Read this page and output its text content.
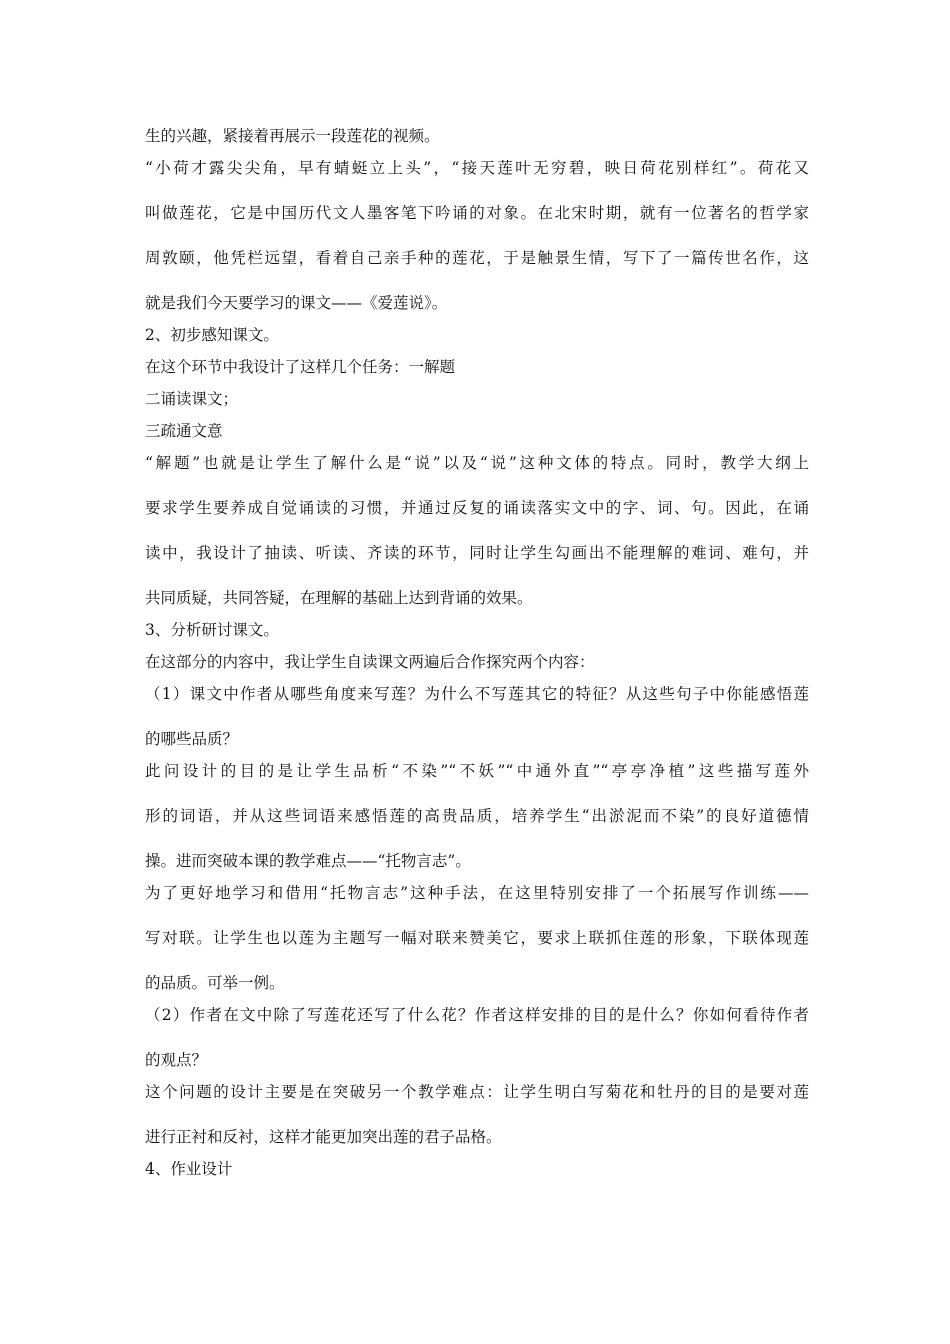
生的兴趣，紧接着再展示一段莲花的视频。
“小荷才露尖尖角，早有蜻蜓立上头”，“接天莲叶无穷碧，映日荷花别样红”。荷花又
叫做莲花，它是中国历代文人墨客笔下吟诵的对象。在北宋时期，就有一位著名的哲学家
周敦颐，他凭栏远望，看着自己亲手种的莲花，于是触景生情，写下了一篇传世名作，这
就是我们今天要学习的课文——《爱莲说》。
2、初步感知课文。
在这个环节中我设计了这样几个任务：一解题
二诵读课文；
三疏通文意
“解题”也就是让学生了解什么是“说”以及“说”这种文体的特点。同时，教学大纲上
要求学生要养成自觉诵读的习惯，并通过反复的诵读落实文中的字、词、句。因此，在诵
读中，我设计了抽读、听读、齐读的环节，同时让学生勾画出不能理解的难词、难句，并
共同质疑，共同答疑，在理解的基础上达到背诵的效果。
3、分析研讨课文。
在这部分的内容中，我让学生自读课文两遍后合作探究两个内容：
（1）课文中作者从哪些角度来写莲？为什么不写莲其它的特征？从这些句子中你能感悟莲
的哪些品质？
此问设计的目的是让学生品析“不染”“不妖”“中通外直”“亭亭净植”这些描写莲外
形的词语，并从这些词语来感悟莲的高贵品质，培养学生“出淤泥而不染”的良好道德情
操。进而突破本课的教学难点——“托物言志”。
为了更好地学习和借用“托物言志”这种手法，在这里特别安排了一个拓展写作训练——
写对联。让学生也以莲为主题写一幅对联来赞美它，要求上联抓住莲的形象，下联体现莲
的品质。可举一例。
（2）作者在文中除了写莲花还写了什么花？作者这样安排的目的是什么？你如何看待作者
的观点？
这个问题的设计主要是在突破另一个教学难点：让学生明白写菊花和牡丹的目的是要对莲
进行正衬和反衬，这样才能更加突出莲的君子品格。
4、作业设计
